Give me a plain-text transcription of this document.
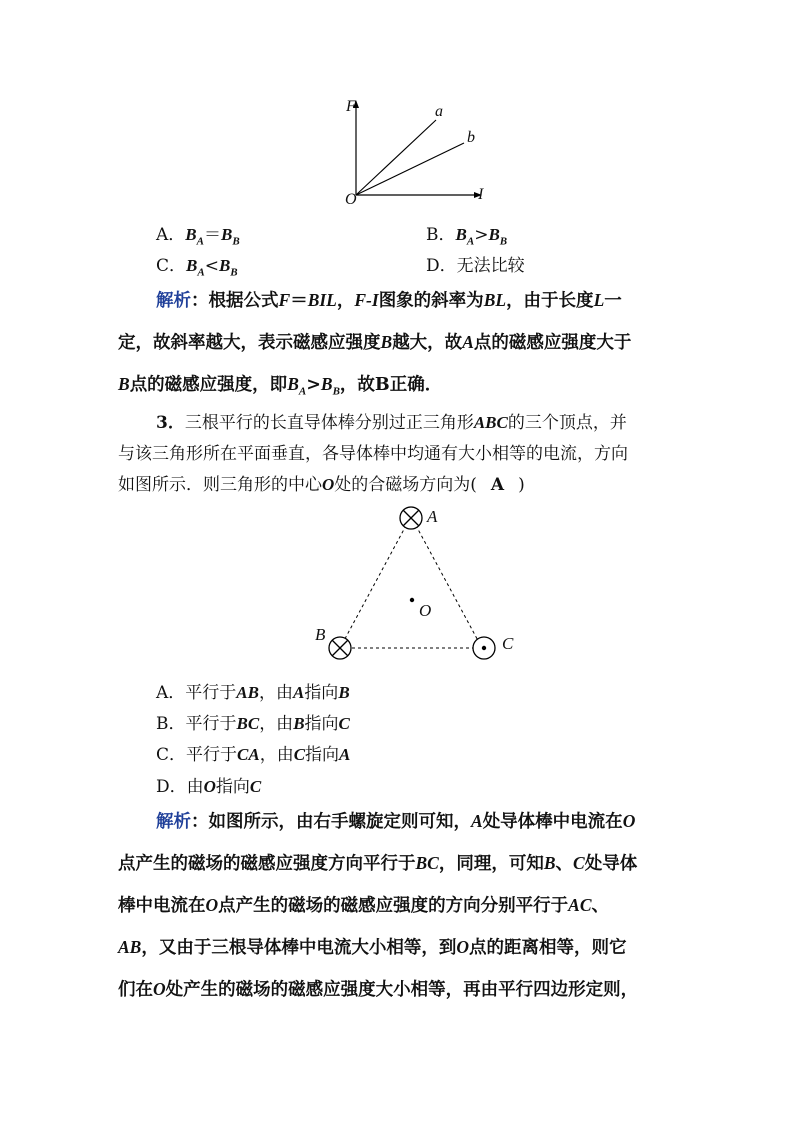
F
I
O
a
b
A．$B_A=B_B$	B．$B_A>B_B$
C．$B_A<B_B$	D．无法比较
解析：根据公式F＝BIL，F-I图象的斜率为BL，由于长度L一
定，故斜率越大，表示磁感应强度B越大，故A点的磁感应强度大于
B点的磁感应强度，即$B_A>B_B$，故B正确．
3．三根平行的长直导体棒分别过正三角形ABC的三个顶点，并
与该三角形所在平面垂直，各导体棒中均通有大小相等的电流，方向
如图所示．则三角形的中心O处的合磁场方向为( A )
A
B	C
O
A．平行于AB，由A指向B
B．平行于BC，由B指向C
C．平行于CA，由C指向A
D．由O指向C
解析：如图所示，由右手螺旋定则可知，A处导体棒中电流在O
点产生的磁场的磁感应强度方向平行于BC，同理，可知B、C处导体
棒中电流在O点产生的磁场的磁感应强度的方向分别平行于AC、
AB，又由于三根导体棒中电流大小相等，到O点的距离相等，则它
们在O处产生的磁场的磁感应强度大小相等，再由平行四边形定则，
